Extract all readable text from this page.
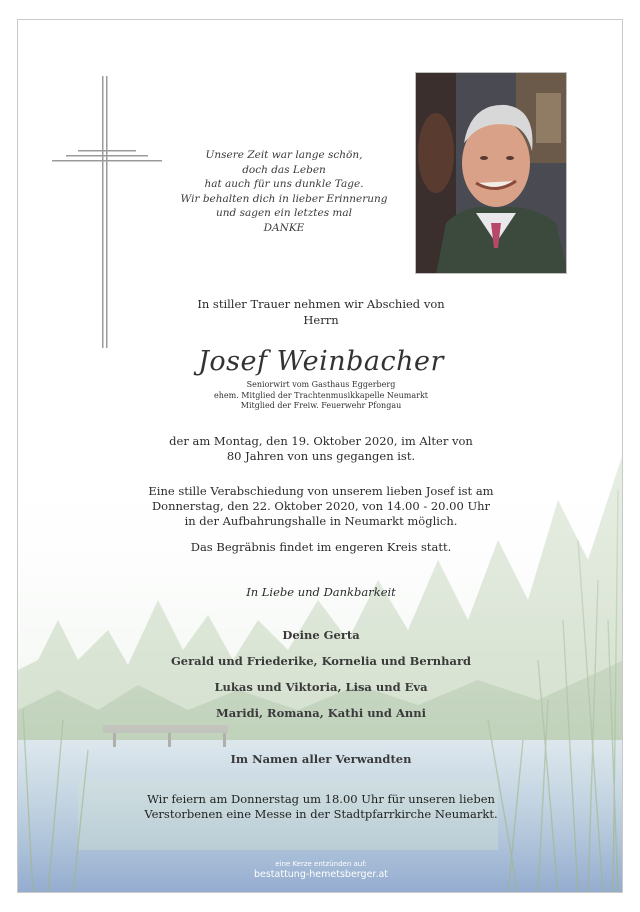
Unsere Zeit war lange schön,
doch das Leben
hat auch für uns dunkle Tage.
Wir behalten dich in lieber Erinnerung
und sagen ein letztes mal
DANKE
In stiller Trauer nehmen wir Abschied von
Herrn
Josef Weinbacher
Seniorwirt vom Gasthaus Eggerberg
ehem. Mitglied der Trachtenmusikkapelle Neumarkt
Mitglied der Freiw. Feuerwehr Pfongau
der am Montag, den 19. Oktober 2020, im Alter von
80 Jahren von uns gegangen ist.
Eine stille Verabschiedung von unserem lieben Josef ist am
Donnerstag, den 22. Oktober 2020, von 14.00 - 20.00 Uhr
in der Aufbahrungshalle in Neumarkt möglich.
Das Begräbnis findet im engeren Kreis statt.
In Liebe und Dankbarkeit
Deine Gerta
Gerald und Friederike, Kornelia und Bernhard
Lukas und Viktoria, Lisa und Eva
Maridi, Romana, Kathi und Anni
Im Namen aller Verwandten
Wir feiern am Donnerstag um 18.00 Uhr für unseren lieben
Verstorbenen eine Messe in der Stadtpfarrkirche Neumarkt.
eine Kerze entzünden auf:
bestattung-hemetsberger.at
